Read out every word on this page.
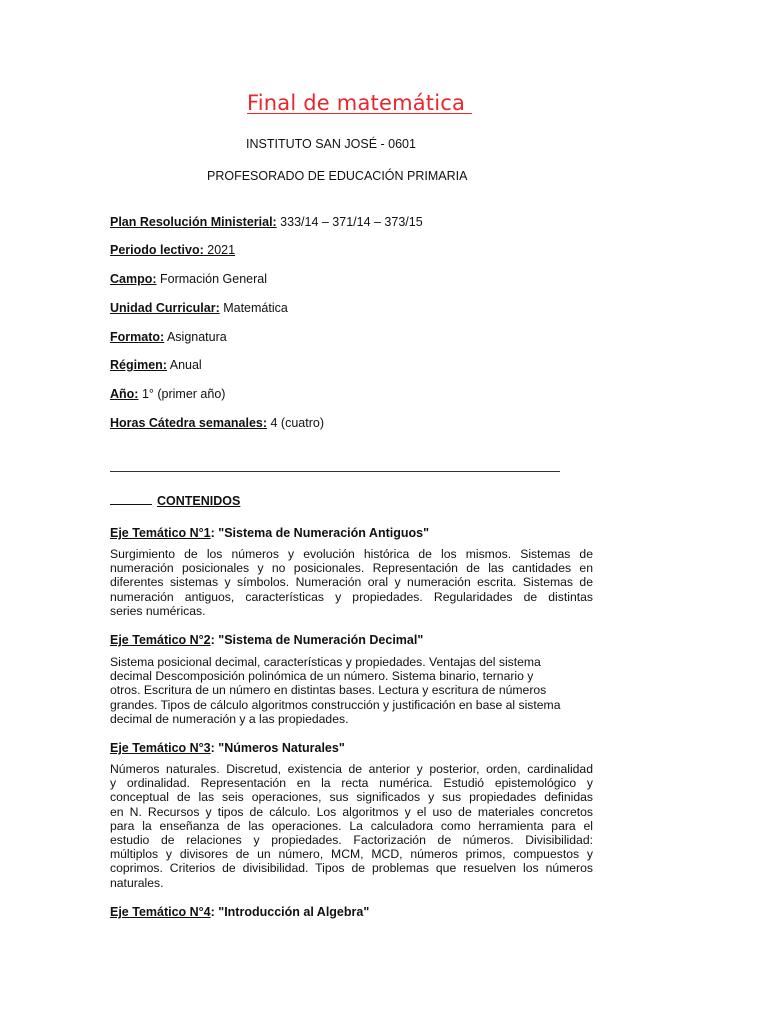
Final de matemática
INSTITUTO SAN JOSÉ - 0601
PROFESORADO DE EDUCACIÓN PRIMARIA
Plan Resolución Ministerial: 333/14 – 371/14 – 373/15
Periodo lectivo: 2021
Campo: Formación General
Unidad Curricular: Matemática
Formato: Asignatura
Régimen: Anual
Año: 1° (primer año)
Horas Cátedra semanales: 4 (cuatro)
CONTENIDOS
Eje Temático N°1: "Sistema de Numeración Antiguos"
Surgimiento de los números y evolución histórica de los mismos. Sistemas de
numeración posicionales y no posicionales. Representación de las cantidades en
diferentes sistemas y símbolos. Numeración oral y numeración escrita. Sistemas de
numeración antiguos, características y propiedades. Regularidades de distintas
series numéricas.
Eje Temático N°2: "Sistema de Numeración Decimal"
Sistema posicional decimal, características y propiedades. Ventajas del sistema
decimal Descomposición polinómica de un número. Sistema binario, ternario y
otros. Escritura de un número en distintas bases. Lectura y escritura de números
grandes. Tipos de cálculo algoritmos construcción y justificación en base al sistema
decimal de numeración y a las propiedades.
Eje Temático N°3: "Números Naturales"
Números naturales. Discretud, existencia de anterior y posterior, orden, cardinalidad
y ordinalidad. Representación en la recta numérica. Estudió epistemológico y
conceptual de las seis operaciones, sus significados y sus propiedades definidas
en N. Recursos y tipos de cálculo. Los algoritmos y el uso de materiales concretos
para la enseñanza de las operaciones. La calculadora como herramienta para el
estudio de relaciones y propiedades. Factorización de números. Divisibilidad:
múltiplos y divisores de un número, MCM, MCD, números primos, compuestos y
coprimos. Criterios de divisibilidad. Tipos de problemas que resuelven los números
naturales.
Eje Temático N°4: "Introducción al Algebra"
